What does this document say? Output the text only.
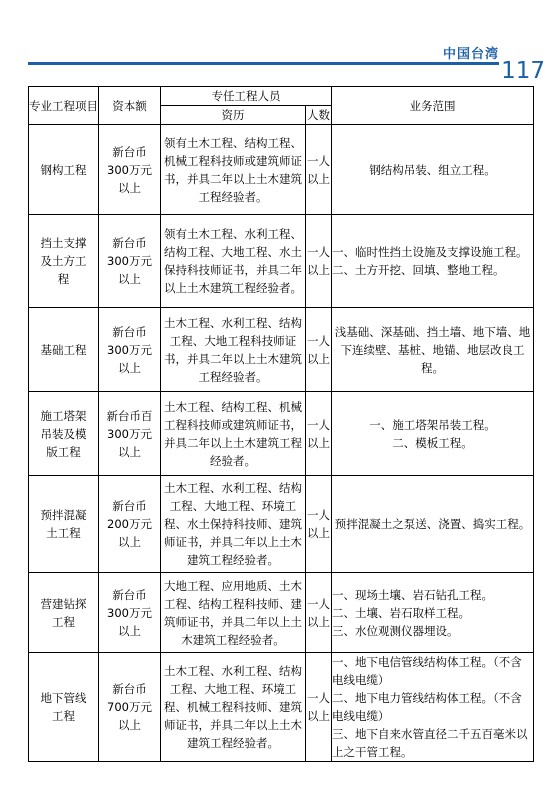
中国台湾
117
专业工程项目	资本额	专任工程人员		业务范围
		资历	人数	
钢构工程	新台币
300万元
以上	领有土木工程、结构工程、机械工程科技师或建筑师证书，并具二年以上土木建筑工程经验者。	一人
以上	钢结构吊装、组立工程。

挡土支撑及土方工程	新台币
300万元
以上	领有土木工程、水利工程、结构工程、大地工程、水土保持科技师证书，并具二年以上土木建筑工程经验者。	一人
以上	一、临时性挡土设施及支撑设施工程。
二、土方开挖、回填、整地工程。

基础工程	新台币
300万元
以上	土木工程、水利工程、结构工程、大地工程科技师证书，并具二年以上土木建筑工程经验者。	一人
以上	浅基础、深基础、挡土墙、地下墙、地下连续壁、基桩、地锚、地层改良工程。

施工塔架吊装及模版工程	新台币百
300万元
以上	土木工程、结构工程、机械工程科技师或建筑师证书，并具二年以上土木建筑工程经验者。	一人
以上	一、施工塔架吊装工程。
二、模板工程。

预拌混凝土工程	新台币
200万元
以上	土木工程、水利工程、结构工程、大地工程、环境工程、水土保持科技师、建筑师证书，并具二年以上土木建筑工程经验者。	一人
以上	预拌混凝土之泵送、浇置、捣实工程。

营建钻探工程	新台币
300万元
以上	大地工程、应用地质、土木工程、结构工程科技师、建筑师证书，并具二年以上土木建筑工程经验者。	一人
以上	一、现场土壤、岩石钻孔工程。
二、土壤、岩石取样工程。
三、水位观测仪器埋设。

地下管线工程	新台币
700万元
以上	土木工程、水利工程、结构工程、大地工程、环境工程、机械工程科技师、建筑师证书，并具二年以上土木建筑工程经验者。	一人
以上	一、地下电信管线结构体工程。（不含电线电缆）
二、地下电力管线结构体工程。（不含电线电缆）
三、地下自来水管直径二千五百毫米以上之干管工程。
